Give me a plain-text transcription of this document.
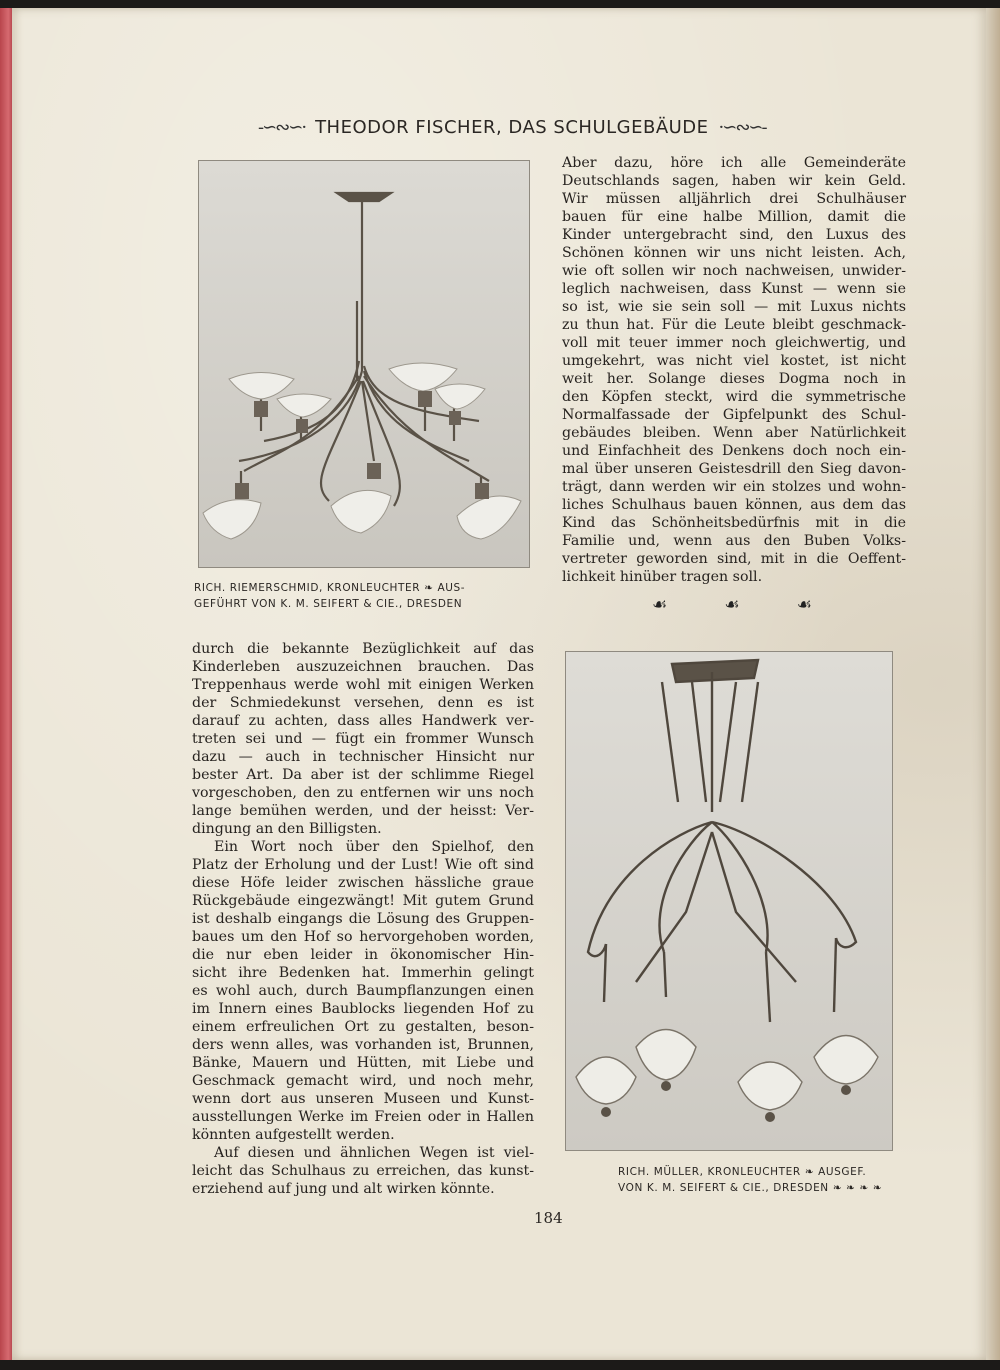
-∽∾∽· THEODOR FISCHER, DAS SCHULGEBÄUDE ·∽∾∽-
RICH. RIEMERSCHMID, KRONLEUCHTER ❧ AUS-
GEFÜHRT VON K. M. SEIFERT & CIE., DRESDEN

Aber dazu, höre ich alle Gemeinderäte
Deutschlands sagen, haben wir kein Geld.
Wir müssen alljährlich drei Schulhäuser
bauen für eine halbe Million, damit die
Kinder untergebracht sind, den Luxus des
Schönen können wir uns nicht leisten. Ach,
wie oft sollen wir noch nachweisen, unwider-
leglich nachweisen, dass Kunst — wenn sie
so ist, wie sie sein soll — mit Luxus nichts
zu thun hat. Für die Leute bleibt geschmack-
voll mit teuer immer noch gleichwertig, und
umgekehrt, was nicht viel kostet, ist nicht
weit her. Solange dieses Dogma noch in
den Köpfen steckt, wird die symmetrische
Normalfassade der Gipfelpunkt des Schul-
gebäudes bleiben. Wenn aber Natürlichkeit
und Einfachheit des Denkens doch noch ein-
mal über unseren Geistesdrill den Sieg davon-
trägt, dann werden wir ein stolzes und wohn-
liches Schulhaus bauen können, aus dem das
Kind das Schönheitsbedürfnis mit in die
Familie und, wenn aus den Buben Volks-
vertreter geworden sind, mit in die Oeffent-
lichkeit hinüber tragen soll.

☙	☙	☙

durch die bekannte Bezüglichkeit auf das
Kinderleben auszuzeichnen brauchen. Das
Treppenhaus werde wohl mit einigen Werken
der Schmiedekunst versehen, denn es ist
darauf zu achten, dass alles Handwerk ver-
treten sei und — fügt ein frommer Wunsch
dazu — auch in technischer Hinsicht nur
bester Art. Da aber ist der schlimme Riegel
vorgeschoben, den zu entfernen wir uns noch
lange bemühen werden, und der heisst: Ver-
dingung an den Billigsten.

Ein Wort noch über den Spielhof, den
Platz der Erholung und der Lust! Wie oft sind
diese Höfe leider zwischen hässliche graue
Rückgebäude eingezwängt! Mit gutem Grund
ist deshalb eingangs die Lösung des Gruppen-
baues um den Hof so hervorgehoben worden,
die nur eben leider in ökonomischer Hin-
sicht ihre Bedenken hat. Immerhin gelingt
es wohl auch, durch Baumpflanzungen einen
im Innern eines Baublocks liegenden Hof zu
einem erfreulichen Ort zu gestalten, beson-
ders wenn alles, was vorhanden ist, Brunnen,
Bänke, Mauern und Hütten, mit Liebe und
Geschmack gemacht wird, und noch mehr,
wenn dort aus unseren Museen und Kunst-
ausstellungen Werke im Freien oder in Hallen
könnten aufgestellt werden.

Auf diesen und ähnlichen Wegen ist viel-
leicht das Schulhaus zu erreichen, das kunst-
erziehend auf jung und alt wirken könnte.

RICH. MÜLLER, KRONLEUCHTER ❧ AUSGEF.
VON K. M. SEIFERT & CIE., DRESDEN ❧ ❧ ❧ ❧
184
